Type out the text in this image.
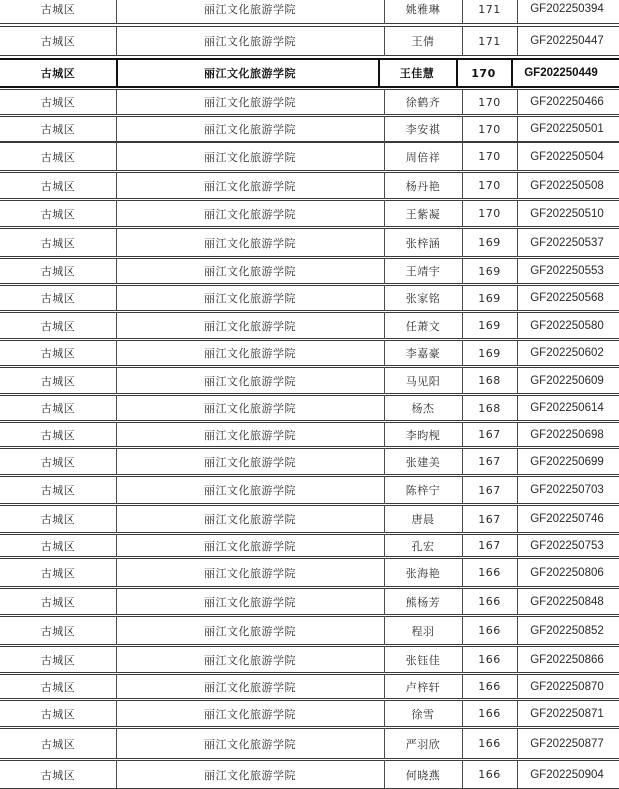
古城区	丽江文化旅游学院	姚雅琳	171	GF202250394
古城区	丽江文化旅游学院	王倩	171	GF202250447
古城区	丽江文化旅游学院	王佳慧	170	GF202250449
古城区	丽江文化旅游学院	徐鹤齐	170	GF202250466
古城区	丽江文化旅游学院	李安祺	170	GF202250501
古城区	丽江文化旅游学院	周倍祥	170	GF202250504
古城区	丽江文化旅游学院	杨丹艳	170	GF202250508
古城区	丽江文化旅游学院	王紫凝	170	GF202250510
古城区	丽江文化旅游学院	张梓涵	169	GF202250537
古城区	丽江文化旅游学院	王靖宇	169	GF202250553
古城区	丽江文化旅游学院	张家铭	169	GF202250568
古城区	丽江文化旅游学院	任萧文	169	GF202250580
古城区	丽江文化旅游学院	李嘉豪	169	GF202250602
古城区	丽江文化旅游学院	马见阳	168	GF202250609
古城区	丽江文化旅游学院	杨杰	168	GF202250614
古城区	丽江文化旅游学院	李昀枧	167	GF202250698
古城区	丽江文化旅游学院	张建美	167	GF202250699
古城区	丽江文化旅游学院	陈梓宁	167	GF202250703
古城区	丽江文化旅游学院	唐晨	167	GF202250746
古城区	丽江文化旅游学院	孔宏	167	GF202250753
古城区	丽江文化旅游学院	张海艳	166	GF202250806
古城区	丽江文化旅游学院	熊杨芳	166	GF202250848
古城区	丽江文化旅游学院	程羽	166	GF202250852
古城区	丽江文化旅游学院	张钰佳	166	GF202250866
古城区	丽江文化旅游学院	卢梓轩	166	GF202250870
古城区	丽江文化旅游学院	徐雪	166	GF202250871
古城区	丽江文化旅游学院	严羽欣	166	GF202250877
古城区	丽江文化旅游学院	何晓燕	166	GF202250904
